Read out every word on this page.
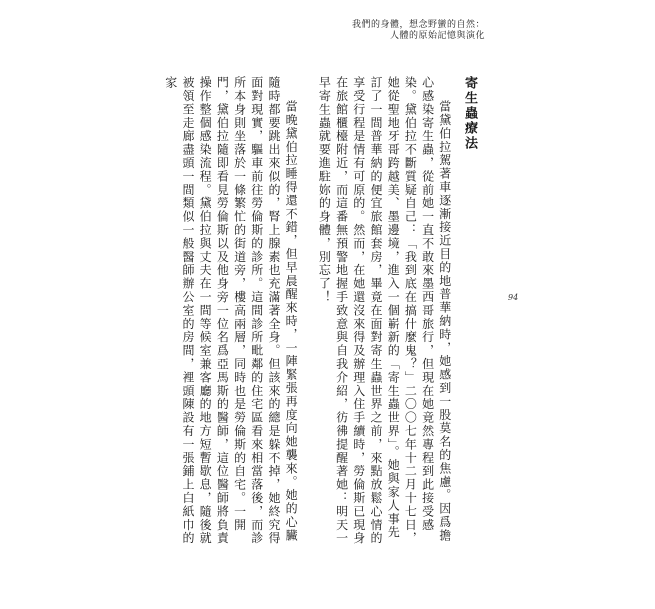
我們的身體，想念野蠻的自然：
人體的原始記憶與演化
94
寄生蟲療法

當黛伯拉駕著車逐漸接近目的地普華納時，她感到一股莫名的焦慮。因爲擔心感染寄生蟲，從前她一直不敢來墨西哥旅行，但現在她竟然專程到此接受感染。黛伯拉不斷質疑自己：「我到底在搞什麼鬼？」二〇〇七年十二月十七日，她從聖地牙哥跨越美、墨邊境，進入一個嶄新的「寄生蟲世界」。她與家人事先訂了一間普華納的便宜旅館套房，畢竟在面對寄生蟲世界之前，來點放鬆心情的享受行程是情有可原的。然而，在她還沒來得及辦理入住手續時，勞倫斯已現身在旅館櫃檯附近，而這番無預警地握手致意與自我介紹，彷彿提醒著她：明天一早寄生蟲就要進駐妳的身體，別忘了！

當晚黛伯拉睡得還不錯，但早晨醒來時，一陣緊張再度向她襲來。她的心臟隨時都要跳出來似的，腎上腺素也充滿著全身。但該來的總是躲不掉，她終究得面對現實，驅車前往勞倫斯的診所。這間診所毗鄰的住宅區看來相當落後，而診所本身則坐落於一條繁忙的街道旁，樓高兩層，同時也是勞倫斯的自宅。一開門，黛伯拉隨即看見勞倫斯以及他身旁一位名爲亞馬斯的醫師，這位醫師將負責操作整個感染流程。黛伯拉與丈夫在一間等候室兼客廳的地方短暫歇息，隨後就被領至走廊盡頭一間類似一般醫師辦公室的房間，裡頭陳設有一張鋪上白紙巾的家
